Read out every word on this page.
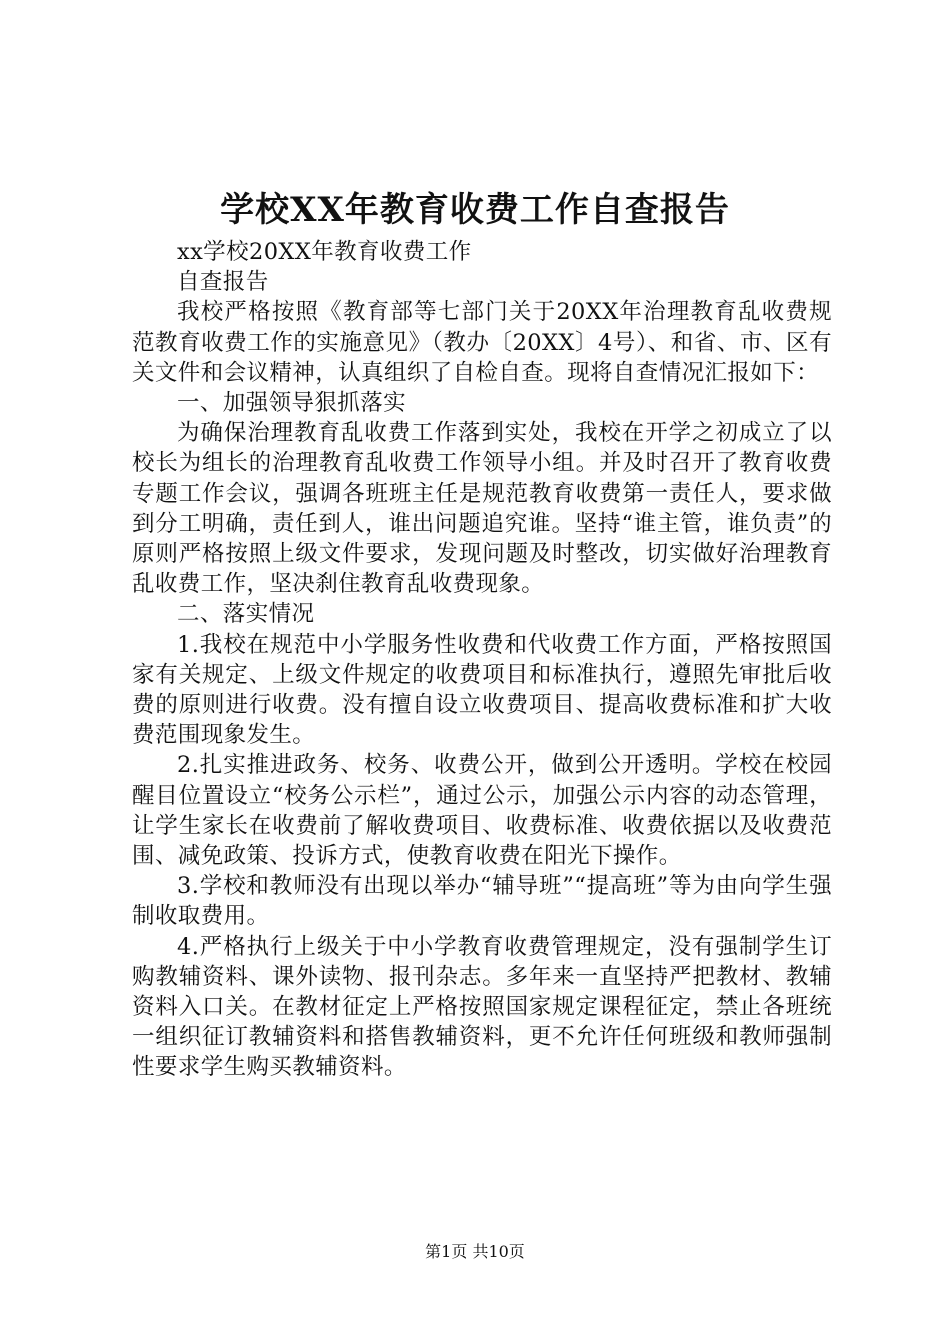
学校XX年教育收费工作自查报告

xx学校20XX年教育收费工作

自查报告

我校严格按照《教育部等七部门关于20XX年治理教育乱收费规范教育收费工作的实施意见》（教办〔20XX〕4号）、和省、市、区有关文件和会议精神，认真组织了自检自查。现将自查情况汇报如下：

一、加强领导狠抓落实

为确保治理教育乱收费工作落到实处，我校在开学之初成立了以校长为组长的治理教育乱收费工作领导小组。并及时召开了教育收费专题工作会议，强调各班班主任是规范教育收费第一责任人，要求做到分工明确，责任到人，谁出问题追究谁。坚持“谁主管，谁负责”的原则严格按照上级文件要求，发现问题及时整改，切实做好治理教育乱收费工作，坚决刹住教育乱收费现象。

二、落实情况

1.我校在规范中小学服务性收费和代收费工作方面，严格按照国家有关规定、上级文件规定的收费项目和标准执行，遵照先审批后收费的原则进行收费。没有擅自设立收费项目、提高收费标准和扩大收费范围现象发生。

2.扎实推进政务、校务、收费公开，做到公开透明。学校在校园醒目位置设立“校务公示栏”，通过公示，加强公示内容的动态管理，让学生家长在收费前了解收费项目、收费标准、收费依据以及收费范围、减免政策、投诉方式，使教育收费在阳光下操作。

3.学校和教师没有出现以举办“辅导班”“提高班”等为由向学生强制收取费用。

4.严格执行上级关于中小学教育收费管理规定，没有强制学生订购教辅资料、课外读物、报刊杂志。多年来一直坚持严把教材、教辅资料入口关。在教材征定上严格按照国家规定课程征定，禁止各班统一组织征订教辅资料和搭售教辅资料，更不允许任何班级和教师强制性要求学生购买教辅资料。

第1页 共10页
